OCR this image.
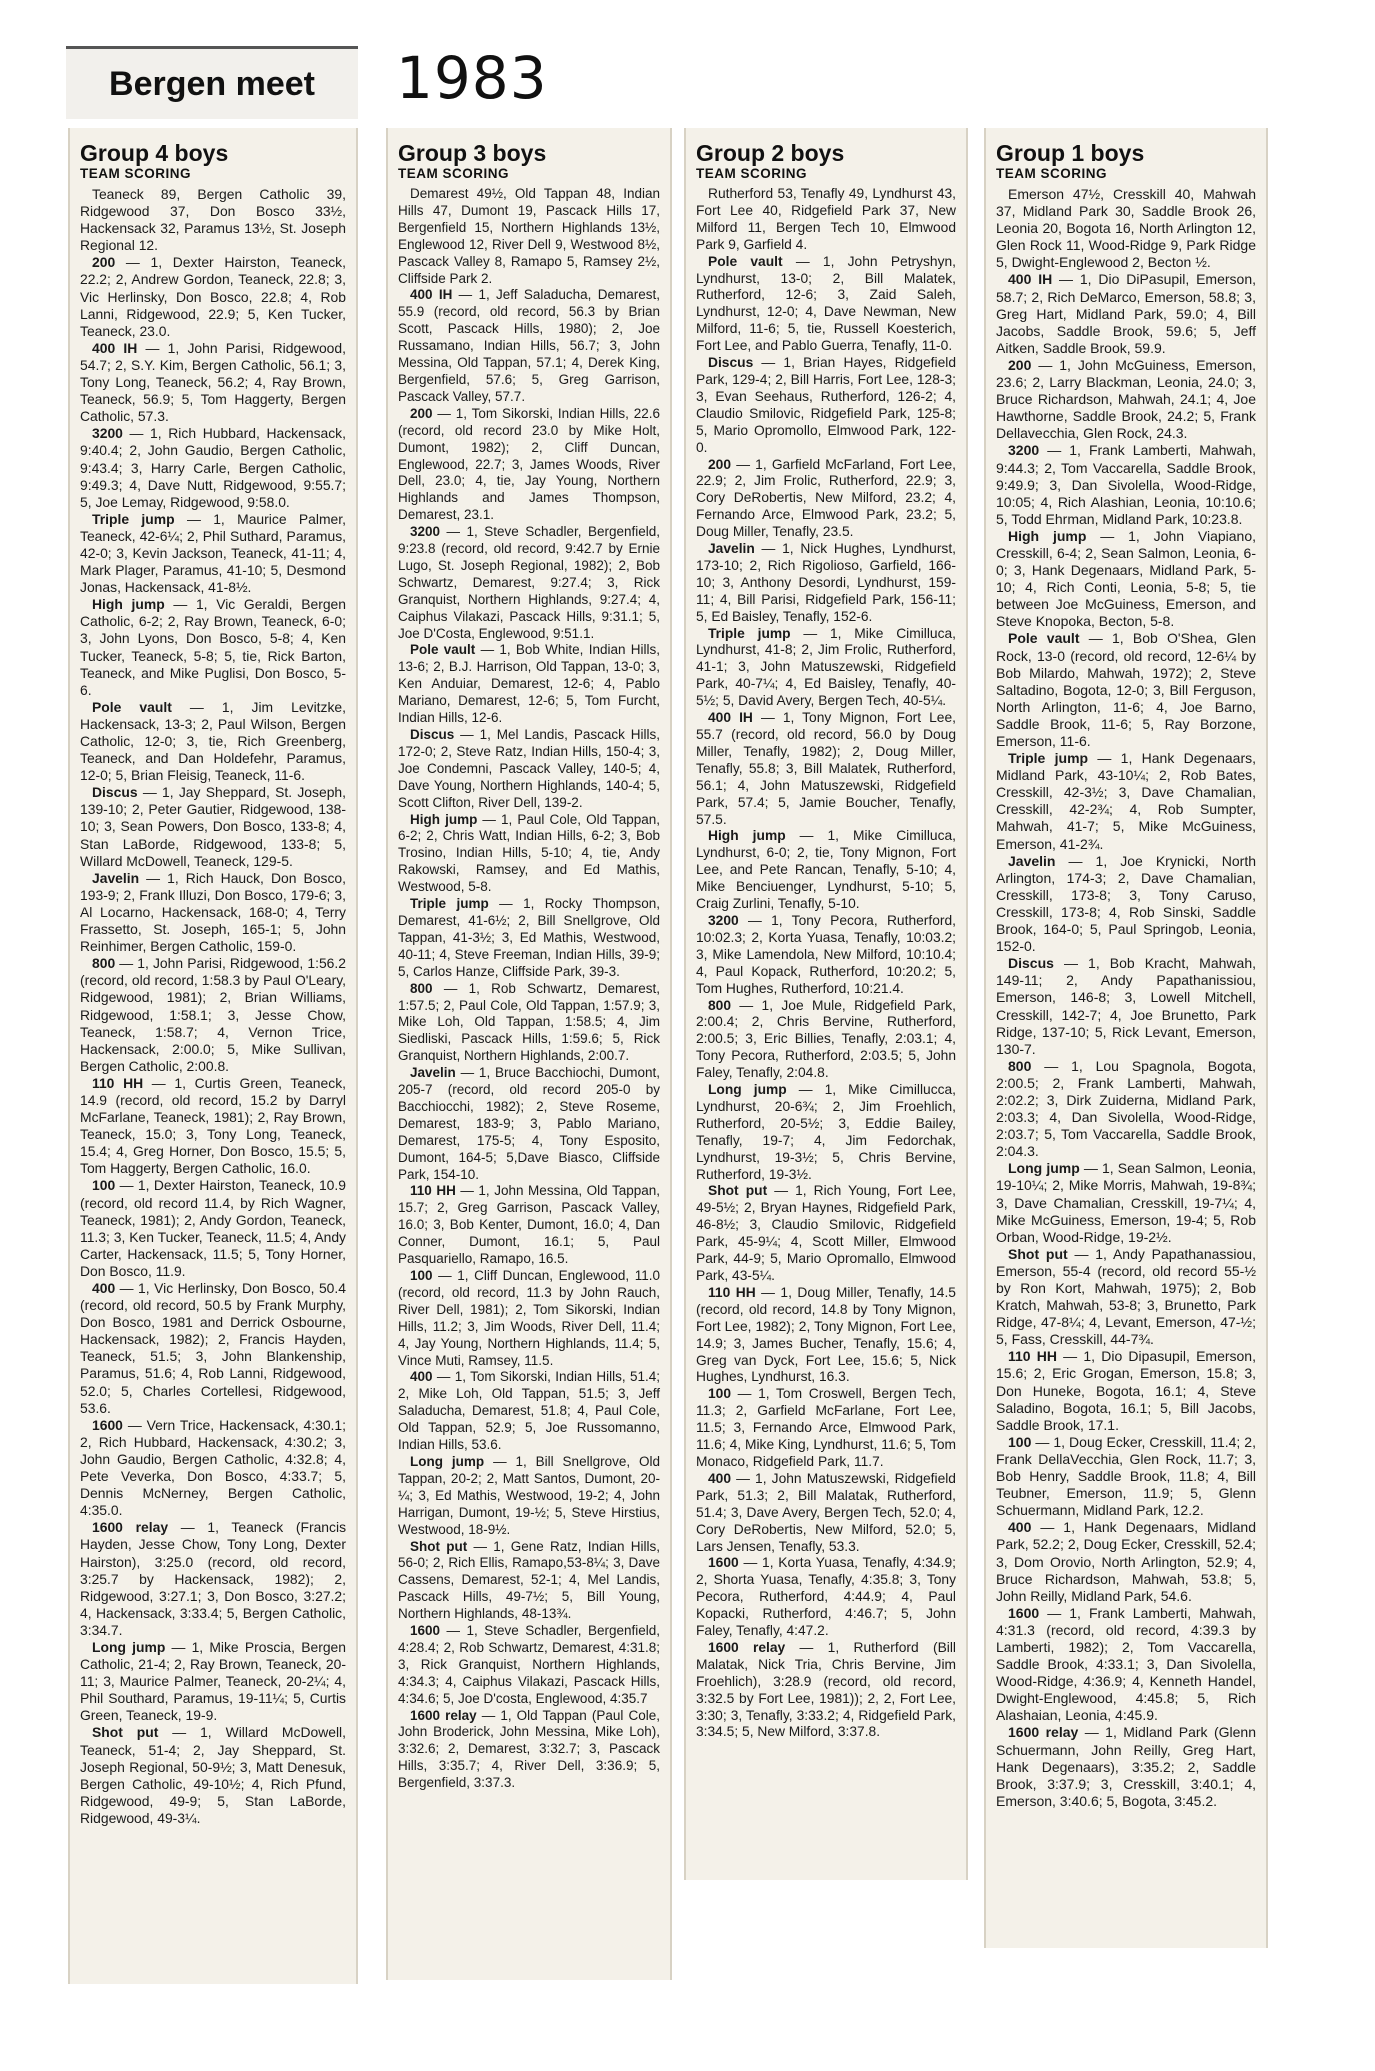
Bergen meet 1983
Group 4 boys
TEAM SCORING

Teaneck 89, Bergen Catholic 39, Ridgewood 37, Don Bosco 33½, Hackensack 32, Paramus 13½, St. Joseph Regional 12.

200 — 1, Dexter Hairston, Teaneck, 22.2; 2, Andrew Gordon, Teaneck, 22.8; 3, Vic Herlinsky, Don Bosco, 22.8; 4, Rob Lanni, Ridgewood, 22.9; 5, Ken Tucker, Teaneck, 23.0.

400 IH — 1, John Parisi, Ridgewood, 54.7; 2, S.Y. Kim, Bergen Catholic, 56.1; 3, Tony Long, Teaneck, 56.2; 4, Ray Brown, Teaneck, 56.9; 5, Tom Haggerty, Bergen Catholic, 57.3.

3200 — 1, Rich Hubbard, Hackensack, 9:40.4; 2, John Gaudio, Bergen Catholic, 9:43.4; 3, Harry Carle, Bergen Catholic, 9:49.3; 4, Dave Nutt, Ridgewood, 9:55.7; 5, Joe Lemay, Ridgewood, 9:58.0.

Triple jump — 1, Maurice Palmer, Teaneck, 42-6¼; 2, Phil Suthard, Paramus, 42-0; 3, Kevin Jackson, Teaneck, 41-11; 4, Mark Plager, Paramus, 41-10; 5, Desmond Jonas, Hackensack, 41-8½.

High jump — 1, Vic Geraldi, Bergen Catholic, 6-2; 2, Ray Brown, Teaneck, 6-0; 3, John Lyons, Don Bosco, 5-8; 4, Ken Tucker, Teaneck, 5-8; 5, tie, Rick Barton, Teaneck, and Mike Puglisi, Don Bosco, 5-6.

Pole vault — 1, Jim Levitzke, Hackensack, 13-3; 2, Paul Wilson, Bergen Catholic, 12-0; 3, tie, Rich Greenberg, Teaneck, and Dan Holdefehr, Paramus, 12-0; 5, Brian Fleisig, Teaneck, 11-6.

Discus — 1, Jay Sheppard, St. Joseph, 139-10; 2, Peter Gautier, Ridgewood, 138-10; 3, Sean Powers, Don Bosco, 133-8; 4, Stan LaBorde, Ridgewood, 133-8; 5, Willard McDowell, Teaneck, 129-5.

Javelin — 1, Rich Hauck, Don Bosco, 193-9; 2, Frank Illuzi, Don Bosco, 179-6; 3, Al Locarno, Hackensack, 168-0; 4, Terry Frassetto, St. Joseph, 165-1; 5, John Reinhimer, Bergen Catholic, 159-0.

800 — 1, John Parisi, Ridgewood, 1:56.2 (record, old record, 1:58.3 by Paul O'Leary, Ridgewood, 1981); 2, Brian Williams, Ridgewood, 1:58.1; 3, Jesse Chow, Teaneck, 1:58.7; 4, Vernon Trice, Hackensack, 2:00.0; 5, Mike Sullivan, Bergen Catholic, 2:00.8.

110 HH — 1, Curtis Green, Teaneck, 14.9 (record, old record, 15.2 by Darryl McFarlane, Teaneck, 1981); 2, Ray Brown, Teaneck, 15.0; 3, Tony Long, Teaneck, 15.4; 4, Greg Horner, Don Bosco, 15.5; 5, Tom Haggerty, Bergen Catholic, 16.0.

100 — 1, Dexter Hairston, Teaneck, 10.9 (record, old record 11.4, by Rich Wagner, Teaneck, 1981); 2, Andy Gordon, Teaneck, 11.3; 3, Ken Tucker, Teaneck, 11.5; 4, Andy Carter, Hackensack, 11.5; 5, Tony Horner, Don Bosco, 11.9.

400 — 1, Vic Herlinsky, Don Bosco, 50.4 (record, old record, 50.5 by Frank Murphy, Don Bosco, 1981 and Derrick Osbourne, Hackensack, 1982); 2, Francis Hayden, Teaneck, 51.5; 3, John Blankenship, Paramus, 51.6; 4, Rob Lanni, Ridgewood, 52.0; 5, Charles Cortellesi, Ridgewood, 53.6.

1600 — Vern Trice, Hackensack, 4:30.1; 2, Rich Hubbard, Hackensack, 4:30.2; 3, John Gaudio, Bergen Catholic, 4:32.8; 4, Pete Veverka, Don Bosco, 4:33.7; 5, Dennis McNerney, Bergen Catholic, 4:35.0.

1600 relay — 1, Teaneck (Francis Hayden, Jesse Chow, Tony Long, Dexter Hairston), 3:25.0 (record, old record, 3:25.7 by Hackensack, 1982); 2, Ridgewood, 3:27.1; 3, Don Bosco, 3:27.2; 4, Hackensack, 3:33.4; 5, Bergen Catholic, 3:34.7.

Long jump — 1, Mike Proscia, Bergen Catholic, 21-4; 2, Ray Brown, Teaneck, 20-11; 3, Maurice Palmer, Teaneck, 20-2¼; 4, Phil Southard, Paramus, 19-11¼; 5, Curtis Green, Teaneck, 19-9.

Shot put — 1, Willard McDowell, Teaneck, 51-4; 2, Jay Sheppard, St. Joseph Regional, 50-9½; 3, Matt Denesuk, Bergen Catholic, 49-10½; 4, Rich Pfund, Ridgewood, 49-9; 5, Stan LaBorde, Ridgewood, 49-3¼.

Group 3 boys
TEAM SCORING

Demarest 49½, Old Tappan 48, Indian Hills 47, Dumont 19, Pascack Hills 17, Bergenfield 15, Northern Highlands 13½, Englewood 12, River Dell 9, Westwood 8½, Pascack Valley 8, Ramapo 5, Ramsey 2½, Cliffside Park 2.

400 IH — 1, Jeff Saladucha, Demarest, 55.9 (record, old record, 56.3 by Brian Scott, Pascack Hills, 1980); 2, Joe Russamano, Indian Hills, 56.7; 3, John Messina, Old Tappan, 57.1; 4, Derek King, Bergenfield, 57.6; 5, Greg Garrison, Pascack Valley, 57.7.

200 — 1, Tom Sikorski, Indian Hills, 22.6 (record, old record 23.0 by Mike Holt, Dumont, 1982); 2, Cliff Duncan, Englewood, 22.7; 3, James Woods, River Dell, 23.0; 4, tie, Jay Young, Northern Highlands and James Thompson, Demarest, 23.1.

3200 — 1, Steve Schadler, Bergenfield, 9:23.8 (record, old record, 9:42.7 by Ernie Lugo, St. Joseph Regional, 1982); 2, Bob Schwartz, Demarest, 9:27.4; 3, Rick Granquist, Northern Highlands, 9:27.4; 4, Caiphus Vilakazi, Pascack Hills, 9:31.1; 5, Joe D'Costa, Englewood, 9:51.1.

Pole vault — 1, Bob White, Indian Hills, 13-6; 2, B.J. Harrison, Old Tappan, 13-0; 3, Ken Anduiar, Demarest, 12-6; 4, Pablo Mariano, Demarest, 12-6; 5, Tom Furcht, Indian Hills, 12-6.

Discus — 1, Mel Landis, Pascack Hills, 172-0; 2, Steve Ratz, Indian Hills, 150-4; 3, Joe Condemni, Pascack Valley, 140-5; 4, Dave Young, Northern Highlands, 140-4; 5, Scott Clifton, River Dell, 139-2.

High jump — 1, Paul Cole, Old Tappan, 6-2; 2, Chris Watt, Indian Hills, 6-2; 3, Bob Trosino, Indian Hills, 5-10; 4, tie, Andy Rakowski, Ramsey, and Ed Mathis, Westwood, 5-8.

Triple jump — 1, Rocky Thompson, Demarest, 41-6½; 2, Bill Snellgrove, Old Tappan, 41-3½; 3, Ed Mathis, Westwood, 40-11; 4, Steve Freeman, Indian Hills, 39-9; 5, Carlos Hanze, Cliffside Park, 39-3.

800 — 1, Rob Schwartz, Demarest, 1:57.5; 2, Paul Cole, Old Tappan, 1:57.9; 3, Mike Loh, Old Tappan, 1:58.5; 4, Jim Siedliski, Pascack Hills, 1:59.6; 5, Rick Granquist, Northern Highlands, 2:00.7.

Javelin — 1, Bruce Bacchiochi, Dumont, 205-7 (record, old record 205-0 by Bacchiocchi, 1982); 2, Steve Roseme, Demarest, 183-9; 3, Pablo Mariano, Demarest, 175-5; 4, Tony Esposito, Dumont, 164-5; 5,Dave Biasco, Cliffside Park, 154-10.

110 HH — 1, John Messina, Old Tappan, 15.7; 2, Greg Garrison, Pascack Valley, 16.0; 3, Bob Kenter, Dumont, 16.0; 4, Dan Conner, Dumont, 16.1; 5, Paul Pasquariello, Ramapo, 16.5.

100 — 1, Cliff Duncan, Englewood, 11.0 (record, old record, 11.3 by John Rauch, River Dell, 1981); 2, Tom Sikorski, Indian Hills, 11.2; 3, Jim Woods, River Dell, 11.4; 4, Jay Young, Northern Highlands, 11.4; 5, Vince Muti, Ramsey, 11.5.

400 — 1, Tom Sikorski, Indian Hills, 51.4; 2, Mike Loh, Old Tappan, 51.5; 3, Jeff Saladucha, Demarest, 51.8; 4, Paul Cole, Old Tappan, 52.9; 5, Joe Russomanno, Indian Hills, 53.6.

Long jump — 1, Bill Snellgrove, Old Tappan, 20-2; 2, Matt Santos, Dumont, 20-¼; 3, Ed Mathis, Westwood, 19-2; 4, John Harrigan, Dumont, 19-½; 5, Steve Hirstius, Westwood, 18-9½.

Shot put — 1, Gene Ratz, Indian Hills, 56-0; 2, Rich Ellis, Ramapo,53-8¼; 3, Dave Cassens, Demarest, 52-1; 4, Mel Landis, Pascack Hills, 49-7½; 5, Bill Young, Northern Highlands, 48-13¾.

1600 — 1, Steve Schadler, Bergenfield, 4:28.4; 2, Rob Schwartz, Demarest, 4:31.8; 3, Rick Granquist, Northern Highlands, 4:34.3; 4, Caiphus Vilakazi, Pascack Hills, 4:34.6; 5, Joe D'costa, Englewood, 4:35.7

1600 relay — 1, Old Tappan (Paul Cole, John Broderick, John Messina, Mike Loh), 3:32.6; 2, Demarest, 3:32.7; 3, Pascack Hills, 3:35.7; 4, River Dell, 3:36.9; 5, Bergenfield, 3:37.3.

Group 2 boys
TEAM SCORING

Rutherford 53, Tenafly 49, Lyndhurst 43, Fort Lee 40, Ridgefield Park 37, New Milford 11, Bergen Tech 10, Elmwood Park 9, Garfield 4.

Pole vault — 1, John Petryshyn, Lyndhurst, 13-0; 2, Bill Malatek, Rutherford, 12-6; 3, Zaid Saleh, Lyndhurst, 12-0; 4, Dave Newman, New Milford, 11-6; 5, tie, Russell Koesterich, Fort Lee, and Pablo Guerra, Tenafly, 11-0.

Discus — 1, Brian Hayes, Ridgefield Park, 129-4; 2, Bill Harris, Fort Lee, 128-3; 3, Evan Seehaus, Rutherford, 126-2; 4, Claudio Smilovic, Ridgefield Park, 125-8; 5, Mario Opromollo, Elmwood Park, 122-0.

200 — 1, Garfield McFarland, Fort Lee, 22.9; 2, Jim Frolic, Rutherford, 22.9; 3, Cory DeRobertis, New Milford, 23.2; 4, Fernando Arce, Elmwood Park, 23.2; 5, Doug Miller, Tenafly, 23.5.

Javelin — 1, Nick Hughes, Lyndhurst, 173-10; 2, Rich Rigolioso, Garfield, 166-10; 3, Anthony Desordi, Lyndhurst, 159-11; 4, Bill Parisi, Ridgefield Park, 156-11; 5, Ed Baisley, Tenafly, 152-6.

Triple jump — 1, Mike Cimilluca, Lyndhurst, 41-8; 2, Jim Frolic, Rutherford, 41-1; 3, John Matuszewski, Ridgefield Park, 40-7¼; 4, Ed Baisley, Tenafly, 40-5½; 5, David Avery, Bergen Tech, 40-5¼.

400 IH — 1, Tony Mignon, Fort Lee, 55.7 (record, old record, 56.0 by Doug Miller, Tenafly, 1982); 2, Doug Miller, Tenafly, 55.8; 3, Bill Malatek, Rutherford, 56.1; 4, John Matuszewski, Ridgefield Park, 57.4; 5, Jamie Boucher, Tenafly, 57.5.

High jump — 1, Mike Cimilluca, Lyndhurst, 6-0; 2, tie, Tony Mignon, Fort Lee, and Pete Rancan, Tenafly, 5-10; 4, Mike Benciuenger, Lyndhurst, 5-10; 5, Craig Zurlini, Tenafly, 5-10.

3200 — 1, Tony Pecora, Rutherford, 10:02.3; 2, Korta Yuasa, Tenafly, 10:03.2; 3, Mike Lamendola, New Milford, 10:10.4; 4, Paul Kopack, Rutherford, 10:20.2; 5, Tom Hughes, Rutherford, 10:21.4.

800 — 1, Joe Mule, Ridgefield Park, 2:00.4; 2, Chris Bervine, Rutherford, 2:00.5; 3, Eric Billies, Tenafly, 2:03.1; 4, Tony Pecora, Rutherford, 2:03.5; 5, John Faley, Tenafly, 2:04.8.

Long jump — 1, Mike Cimillucca, Lyndhurst, 20-6¾; 2, Jim Froehlich, Rutherford, 20-5½; 3, Eddie Bailey, Tenafly, 19-7; 4, Jim Fedorchak, Lyndhurst, 19-3½; 5, Chris Bervine, Rutherford, 19-3½.

Shot put — 1, Rich Young, Fort Lee, 49-5½; 2, Bryan Haynes, Ridgefield Park, 46-8½; 3, Claudio Smilovic, Ridgefield Park, 45-9¼; 4, Scott Miller, Elmwood Park, 44-9; 5, Mario Opromallo, Elmwood Park, 43-5¼.

110 HH — 1, Doug Miller, Tenafly, 14.5 (record, old record, 14.8 by Tony Mignon, Fort Lee, 1982); 2, Tony Mignon, Fort Lee, 14.9; 3, James Bucher, Tenafly, 15.6; 4, Greg van Dyck, Fort Lee, 15.6; 5, Nick Hughes, Lyndhurst, 16.3.

100 — 1, Tom Croswell, Bergen Tech, 11.3; 2, Garfield McFarlane, Fort Lee, 11.5; 3, Fernando Arce, Elmwood Park, 11.6; 4, Mike King, Lyndhurst, 11.6; 5, Tom Monaco, Ridgefield Park, 11.7.

400 — 1, John Matuszewski, Ridgefield Park, 51.3; 2, Bill Malatak, Rutherford, 51.4; 3, Dave Avery, Bergen Tech, 52.0; 4, Cory DeRobertis, New Milford, 52.0; 5, Lars Jensen, Tenafly, 53.3.

1600 — 1, Korta Yuasa, Tenafly, 4:34.9; 2, Shorta Yuasa, Tenafly, 4:35.8; 3, Tony Pecora, Rutherford, 4:44.9; 4, Paul Kopacki, Rutherford, 4:46.7; 5, John Faley, Tenafly, 4:47.2.

1600 relay — 1, Rutherford (Bill Malatak, Nick Tria, Chris Bervine, Jim Froehlich), 3:28.9 (record, old record, 3:32.5 by Fort Lee, 1981)); 2, 2, Fort Lee, 3:30; 3, Tenafly, 3:33.2; 4, Ridgefield Park, 3:34.5; 5, New Milford, 3:37.8.

Group 1 boys
TEAM SCORING

Emerson 47½, Cresskill 40, Mahwah 37, Midland Park 30, Saddle Brook 26, Leonia 20, Bogota 16, North Arlington 12, Glen Rock 11, Wood-Ridge 9, Park Ridge 5, Dwight-Englewood 2, Becton ½.

400 IH — 1, Dio DiPasupil, Emerson, 58.7; 2, Rich DeMarco, Emerson, 58.8; 3, Greg Hart, Midland Park, 59.0; 4, Bill Jacobs, Saddle Brook, 59.6; 5, Jeff Aitken, Saddle Brook, 59.9.

200 — 1, John McGuiness, Emerson, 23.6; 2, Larry Blackman, Leonia, 24.0; 3, Bruce Richardson, Mahwah, 24.1; 4, Joe Hawthorne, Saddle Brook, 24.2; 5, Frank Dellavecchia, Glen Rock, 24.3.

3200 — 1, Frank Lamberti, Mahwah, 9:44.3; 2, Tom Vaccarella, Saddle Brook, 9:49.9; 3, Dan Sivolella, Wood-Ridge, 10:05; 4, Rich Alashian, Leonia, 10:10.6; 5, Todd Ehrman, Midland Park, 10:23.8.

High jump — 1, John Viapiano, Cresskill, 6-4; 2, Sean Salmon, Leonia, 6-0; 3, Hank Degenaars, Midland Park, 5-10; 4, Rich Conti, Leonia, 5-8; 5, tie between Joe McGuiness, Emerson, and Steve Knopoka, Becton, 5-8.

Pole vault — 1, Bob O'Shea, Glen Rock, 13-0 (record, old record, 12-6¼ by Bob Milardo, Mahwah, 1972); 2, Steve Saltadino, Bogota, 12-0; 3, Bill Ferguson, North Arlington, 11-6; 4, Joe Barno, Saddle Brook, 11-6; 5, Ray Borzone, Emerson, 11-6.

Triple jump — 1, Hank Degenaars, Midland Park, 43-10¼; 2, Rob Bates, Cresskill, 42-3½; 3, Dave Chamalian, Cresskill, 42-2¾; 4, Rob Sumpter, Mahwah, 41-7; 5, Mike McGuiness, Emerson, 41-2¾.

Javelin — 1, Joe Krynicki, North Arlington, 174-3; 2, Dave Chamalian, Cresskill, 173-8; 3, Tony Caruso, Cresskill, 173-8; 4, Rob Sinski, Saddle Brook, 164-0; 5, Paul Springob, Leonia, 152-0.

Discus — 1, Bob Kracht, Mahwah, 149-11; 2, Andy Papathanissiou, Emerson, 146-8; 3, Lowell Mitchell, Cresskill, 142-7; 4, Joe Brunetto, Park Ridge, 137-10; 5, Rick Levant, Emerson, 130-7.

800 — 1, Lou Spagnola, Bogota, 2:00.5; 2, Frank Lamberti, Mahwah, 2:02.2; 3, Dirk Zuiderna, Midland Park, 2:03.3; 4, Dan Sivolella, Wood-Ridge, 2:03.7; 5, Tom Vaccarella, Saddle Brook, 2:04.3.

Long jump — 1, Sean Salmon, Leonia, 19-10¼; 2, Mike Morris, Mahwah, 19-8¾; 3, Dave Chamalian, Cresskill, 19-7¼; 4, Mike McGuiness, Emerson, 19-4; 5, Rob Orban, Wood-Ridge, 19-2½.

Shot put — 1, Andy Papathanassiou, Emerson, 55-4 (record, old record 55-½ by Ron Kort, Mahwah, 1975); 2, Bob Kratch, Mahwah, 53-8; 3, Brunetto, Park Ridge, 47-8¼; 4, Levant, Emerson, 47-½; 5, Fass, Cresskill, 44-7¾.

110 HH — 1, Dio Dipasupil, Emerson, 15.6; 2, Eric Grogan, Emerson, 15.8; 3, Don Huneke, Bogota, 16.1; 4, Steve Saladino, Bogota, 16.1; 5, Bill Jacobs, Saddle Brook, 17.1.

100 — 1, Doug Ecker, Cresskill, 11.4; 2, Frank DellaVecchia, Glen Rock, 11.7; 3, Bob Henry, Saddle Brook, 11.8; 4, Bill Teubner, Emerson, 11.9; 5, Glenn Schuermann, Midland Park, 12.2.

400 — 1, Hank Degenaars, Midland Park, 52.2; 2, Doug Ecker, Cresskill, 52.4; 3, Dom Orovio, North Arlington, 52.9; 4, Bruce Richardson, Mahwah, 53.8; 5, John Reilly, Midland Park, 54.6.

1600 — 1, Frank Lamberti, Mahwah, 4:31.3 (record, old record, 4:39.3 by Lamberti, 1982); 2, Tom Vaccarella, Saddle Brook, 4:33.1; 3, Dan Sivolella, Wood-Ridge, 4:36.9; 4, Kenneth Handel, Dwight-Englewood, 4:45.8; 5, Rich Alashaian, Leonia, 4:45.9.

1600 relay — 1, Midland Park (Glenn Schuermann, John Reilly, Greg Hart, Hank Degenaars), 3:35.2; 2, Saddle Brook, 3:37.9; 3, Cresskill, 3:40.1; 4, Emerson, 3:40.6; 5, Bogota, 3:45.2.
